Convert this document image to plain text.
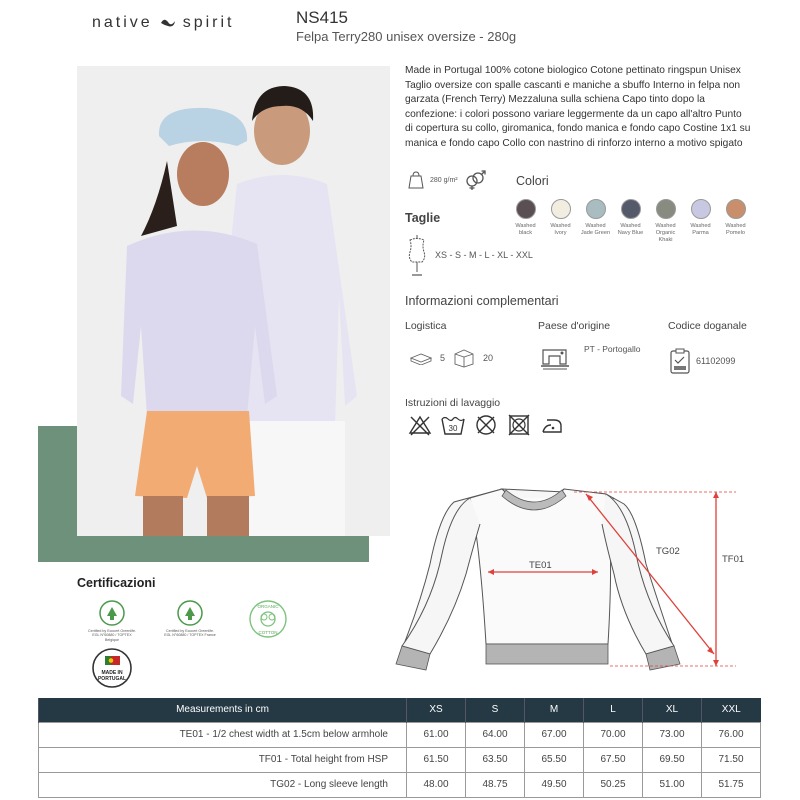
native spirit	NS415
Felpa Terry280 unisex oversize - 280g
Made in Portugal 100% cotone biologico Cotone pettinato ringspun Unisex Taglio oversize con spalle cascanti e maniche a sbuffo Interno in felpa non garzata (French Terry) Mezzaluna sulla schiena Capo tinto dopo la confezione: i colori possono variare leggermente da un capo all'altro Punto di copertura su collo, giromanica, fondo manica e fondo capo Costine 1x1 su manica e fondo capo Collo con nastrino di rinforzo interno a motivo spigato
280 g/m²	Colori
Washed
black
Washed
Ivory
Washed
Jade Green
Washed
Navy Blue
Washed
Organic Khaki
Washed
Parma
Washed
Pomelo
Taglie
XS - S - M - L - XL - XXL
Informazioni complementari
Logistica	Paese d'origine	Codice doganale
5	20
PT - Portogallo
61102099
Istruzioni di lavaggio
30
TE01
TG02
TF01
Certificazioni
Certified by Ecocert Greenlife. EGL N°60880 / TOPTEX Belgique
Certified by Ecocert Greenlife. EGL N°60880 / TOPTEX France
ORGANIC
COTTON
MADE IN
PORTUGAL
Measurements in cm	XS	S	M	L	XL	XXL
TE01 - 1/2 chest width at 1.5cm below armhole	61.00	64.00	67.00	70.00	73.00	76.00
TF01 - Total height from HSP	61.50	63.50	65.50	67.50	69.50	71.50
TG02 - Long sleeve length	48.00	48.75	49.50	50.25	51.00	51.75
